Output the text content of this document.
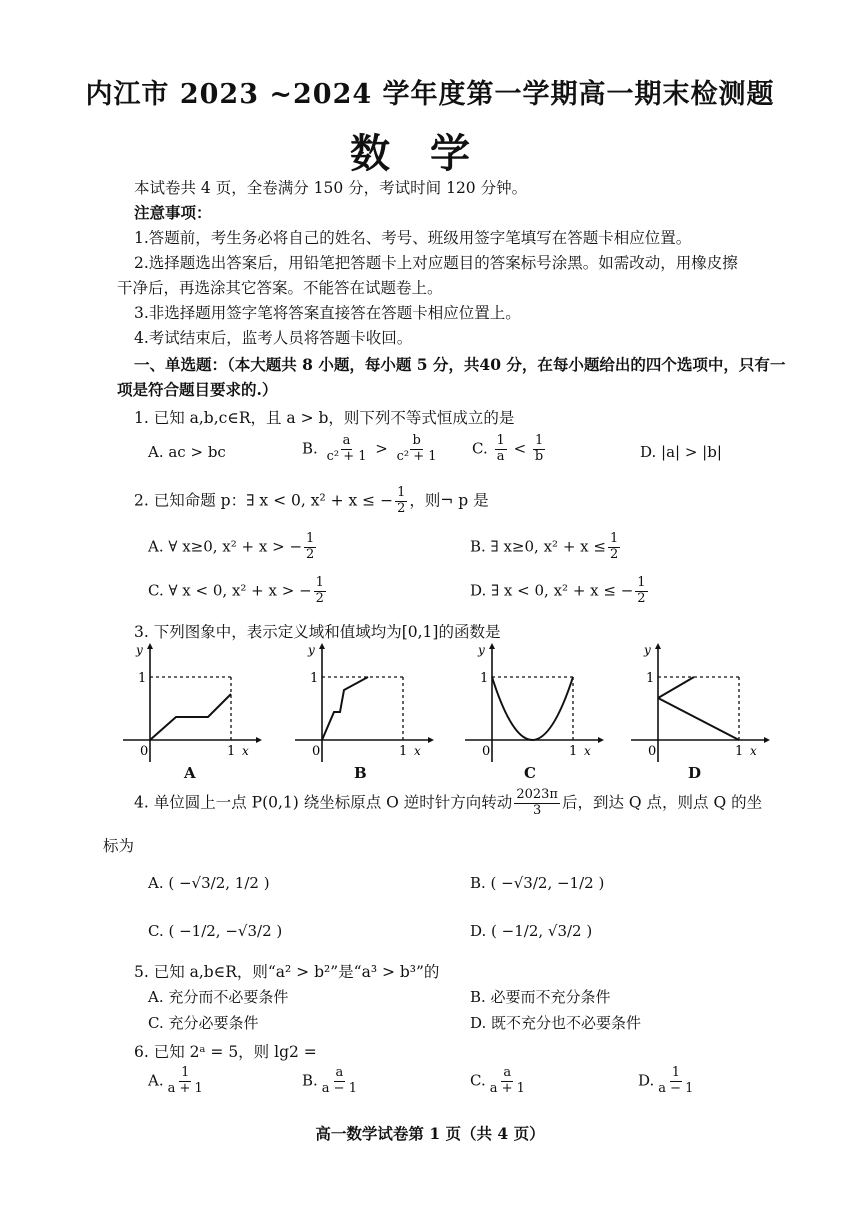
内江市 2023 ~2024 学年度第一学期高一期末检测题
数学
本试卷共 4 页，全卷满分 150 分，考试时间 120 分钟。
注意事项：
1.答题前，考生务必将自己的姓名、考号、班级用签字笔填写在答题卡相应位置。
2.选择题选出答案后，用铅笔把答题卡上对应题目的答案标号涂黑。如需改动，用橡皮擦
干净后，再选涂其它答案。不能答在试题卷上。
3.非选择题用签字笔将答案直接答在答题卡相应位置上。
4.考试结束后，监考人员将答题卡收回。
一、单选题：（本大题共 8 小题，每小题 5 分，共40 分，在每小题给出的四个选项中，只有一
项是符合题目要求的.）
1. 已知 a,b,c∈R，且 a > b，则下列不等式恒成立的是
A. ac > bc	B. $\frac{a}{\text{c² + 1}} > \frac{b}{\text{c² + 1}} C$. $\frac{1}{a} < \frac{1}{b}$	D. |a| > |b|
2. 已知命题 p：∃ x < 0, x² + x ≤ − $\frac{1}{2}$ ，则¬ p 是
A. ∀ x≥0, x² + x > − $\frac{1}{2}$	B. ∃ x≥0, $x^2 + x \le \frac{1}{2}$
C. ∀ x < 0, x² + x > − $\frac{1}{2}$	D. ∃ x < 0, x² + x ≤ − $\frac{1}{2}$
3. 下列图象中，表示定义域和值域均为[0,1]的函数是
y
1
0	1 x
A
y
1
0	1 x
B
y
1
0	1 x
C
y
1
0	1 x
D
4. 单位圆上一点 P(0,1) 绕坐标原点 O 逆时针方向转动 $\frac{2023\pi}{3}$ 后，到达 Q 点，则点 Q 的坐
标为
A. ( −√3/2, 1/2 )	B. ( −√3/2, −1/2 )
C. ( −1/2, −√3/2 )	D. ( −1/2, √3/2 )
5. 已知 a,b∈R，则“a² > b²”是“a³ > b³”的
A. 充分而不必要条件	B. 必要而不充分条件
C. 充分必要条件	D. 既不充分也不必要条件
6. 已知 2ᵃ = 5，则 lg2 =
A. $\frac{1}{a + 1}$	B. $\frac{a}{a - 1}$	C. $\frac{a}{a + 1}$	D. $\frac{1}{a - 1}$
高一数学试卷第 1 页（共 4 页）
